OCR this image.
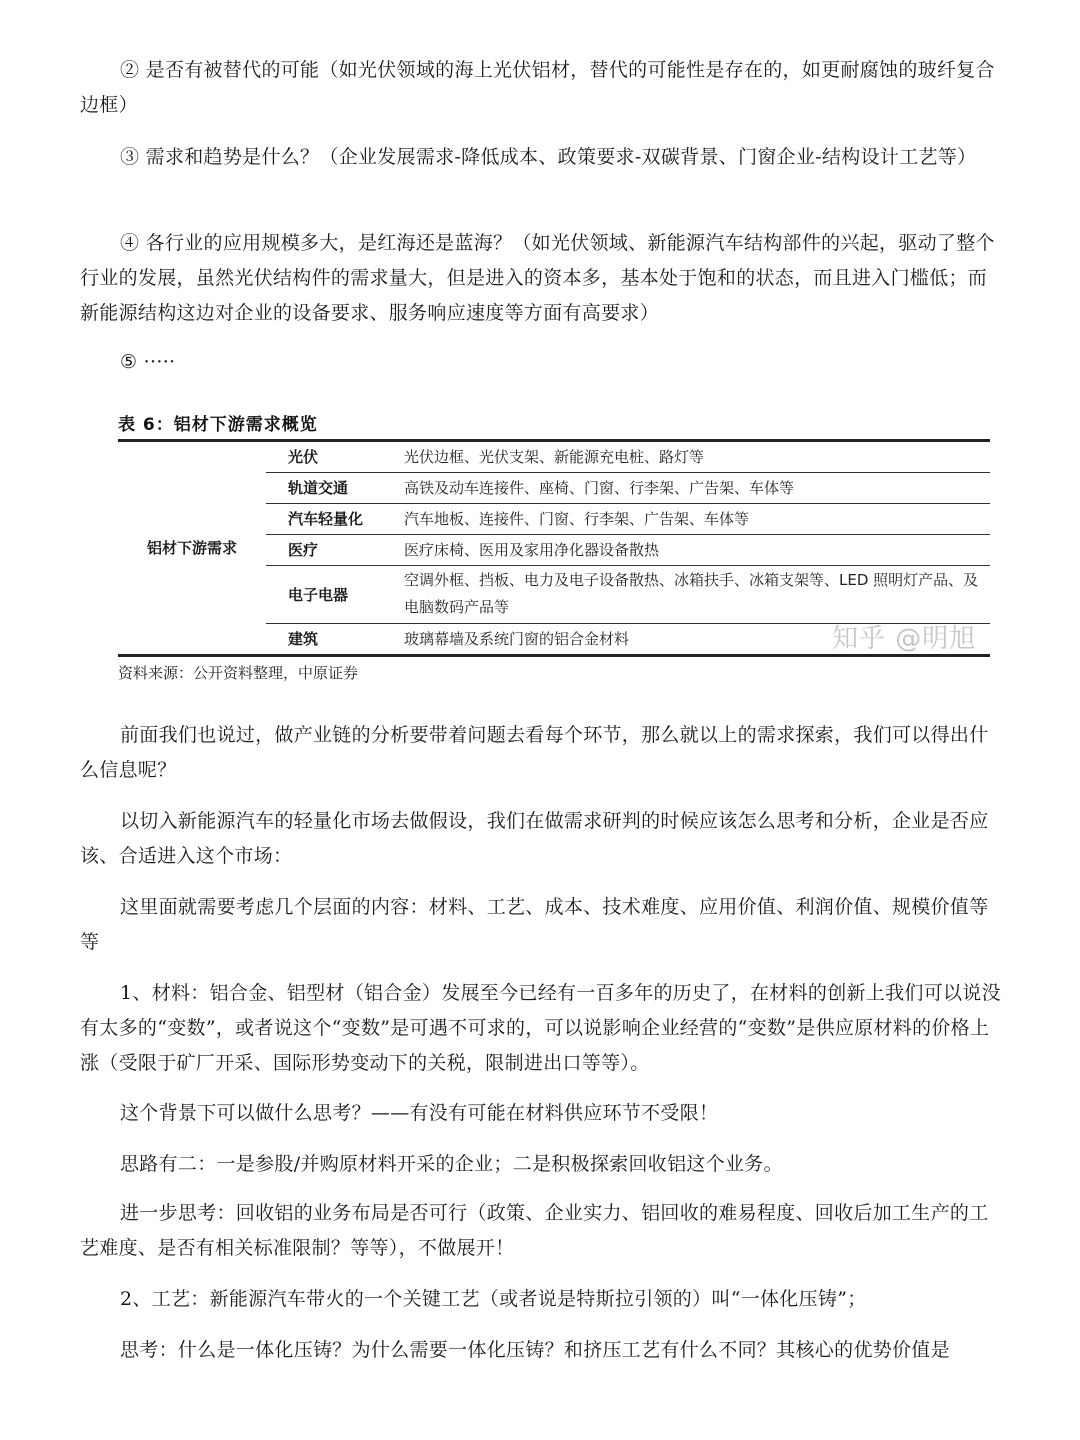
② 是否有被替代的可能（如光伏领域的海上光伏铝材，替代的可能性是存在的，如更耐腐蚀的玻纤复合边框）

③ 需求和趋势是什么？（企业发展需求-降低成本、政策要求-双碳背景、门窗企业-结构设计工艺等）

④ 各行业的应用规模多大，是红海还是蓝海？（如光伏领域、新能源汽车结构部件的兴起，驱动了整个行业的发展，虽然光伏结构件的需求量大，但是进入的资本多，基本处于饱和的状态，而且进入门槛低；而新能源结构这边对企业的设备要求、服务响应速度等方面有高要求）

⑤ ·····

表 6：铝材下游需求概览

铝材下游需求	光伏	光伏边框、光伏支架、新能源充电桩、路灯等
	轨道交通	高铁及动车连接件、座椅、门窗、行李架、广告架、车体等
	汽车轻量化	汽车地板、连接件、门窗、行李架、广告架、车体等
	医疗	医疗床椅、医用及家用净化器设备散热
	电子电器	空调外框、挡板、电力及电子设备散热、冰箱扶手、冰箱支架等、LED 照明灯产品、及电脑数码产品等
	建筑	玻璃幕墙及系统门窗的铝合金材料	知乎 @明旭
资料来源：公开资料整理，中原证券

前面我们也说过，做产业链的分析要带着问题去看每个环节，那么就以上的需求探索，我们可以得出什么信息呢？

以切入新能源汽车的轻量化市场去做假设，我们在做需求研判的时候应该怎么思考和分析，企业是否应该、合适进入这个市场：

这里面就需要考虑几个层面的内容：材料、工艺、成本、技术难度、应用价值、利润价值、规模价值等等

1、材料：铝合金、铝型材（铝合金）发展至今已经有一百多年的历史了，在材料的创新上我们可以说没有太多的“变数”，或者说这个“变数”是可遇不可求的，可以说影响企业经营的“变数”是供应原材料的价格上涨（受限于矿厂开采、国际形势变动下的关税，限制进出口等等）。

这个背景下可以做什么思考？——有没有可能在材料供应环节不受限！

思路有二：一是参股/并购原材料开采的企业；二是积极探索回收铝这个业务。

进一步思考：回收铝的业务布局是否可行（政策、企业实力、铝回收的难易程度、回收后加工生产的工艺难度、是否有相关标准限制？等等），不做展开！

2、工艺：新能源汽车带火的一个关键工艺（或者说是特斯拉引领的）叫“一体化压铸”；

思考：什么是一体化压铸？为什么需要一体化压铸？和挤压工艺有什么不同？其核心的优势价值是
